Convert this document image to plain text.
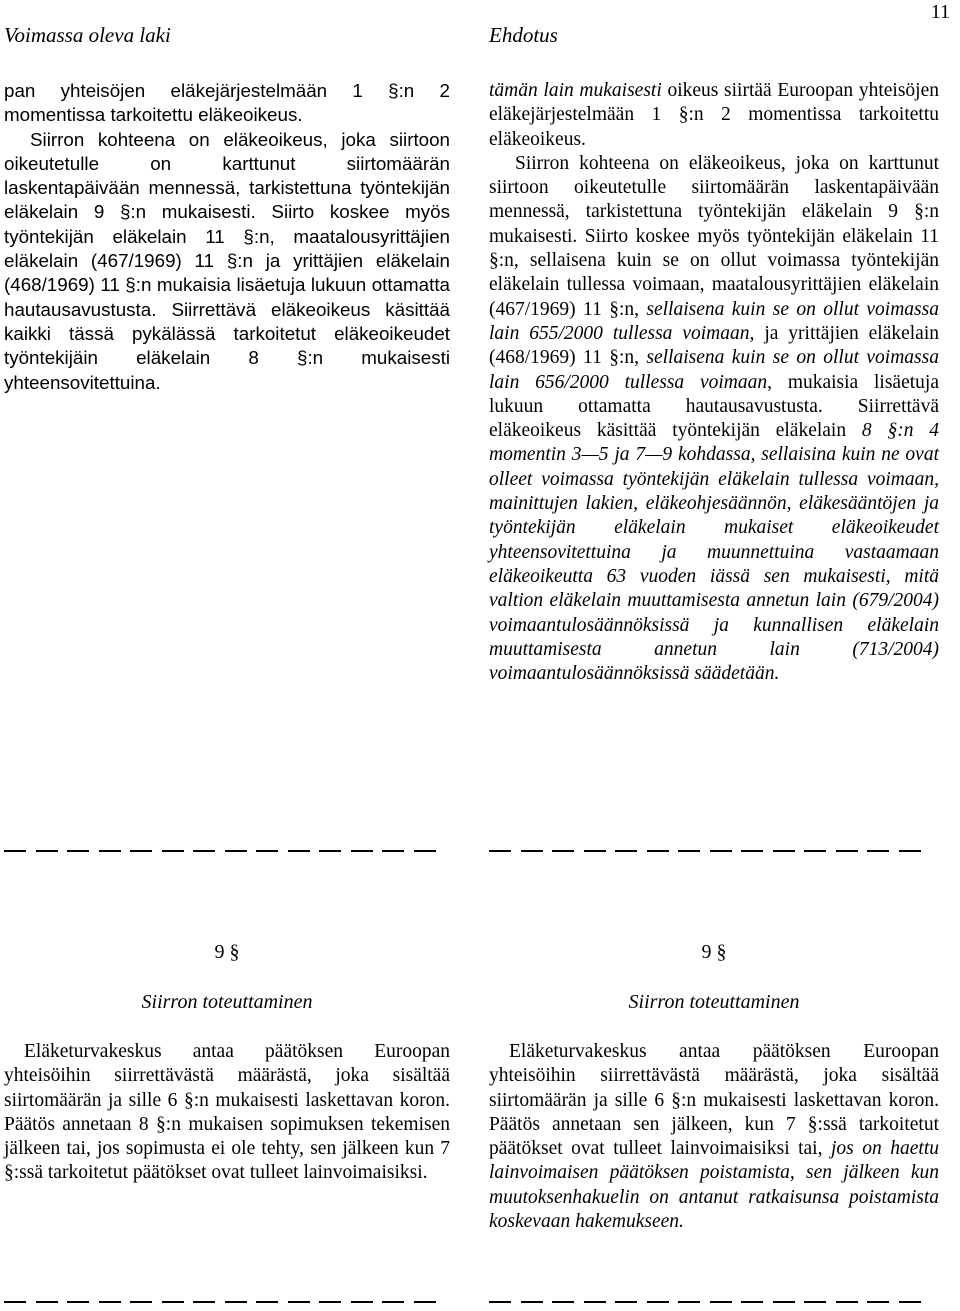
11
Voimassa oleva laki

pan yhteisöjen eläkejärjestelmään 1 §:n 2 momentissa tarkoitettu eläkeoikeus.

Siirron kohteena on eläkeoikeus, joka siirtoon oikeutetulle on karttunut siirtomäärän laskentapäivään mennessä, tarkistettuna työntekijän eläkelain 9 §:n mukaisesti. Siirto koskee myös työntekijän eläkelain 11 §:n, maatalousyrittäjien eläkelain (467/1969) 11 §:n ja yrittäjien eläkelain (468/1969) 11 §:n mukaisia lisäetuja lukuun ottamatta hautausavustusta. Siirrettävä eläkeoikeus käsittää kaikki tässä pykälässä tarkoitetut eläkeoikeudet työntekijäin eläkelain 8 §:n mukaisesti yhteensovitettuina.

9 §
Siirron toteuttaminen

Eläketurvakeskus antaa päätöksen Euroopan yhteisöihin siirrettävästä määrästä, joka sisältää siirtomäärän ja sille 6 §:n mukaisesti laskettavan koron. Päätös annetaan 8 §:n mukaisen sopimuksen tekemisen jälkeen tai, jos sopimusta ei ole tehty, sen jälkeen kun 7 §:ssä tarkoitetut päätökset ovat tulleet lainvoimaisiksi.

Ehdotus

tämän lain mukaisesti oikeus siirtää Euroopan yhteisöjen eläkejärjestelmään 1 §:n 2 momentissa tarkoitettu eläkeoikeus.

Siirron kohteena on eläkeoikeus, joka on karttunut siirtoon oikeutetulle siirtomäärän laskentapäivään mennessä, tarkistettuna työntekijän eläkelain 9 §:n mukaisesti. Siirto koskee myös työntekijän eläkelain 11 §:n, sellaisena kuin se on ollut voimassa työntekijän eläkelain tullessa voimaan, maatalousyrittäjien eläkelain (467/1969) 11 §:n, sellaisena kuin se on ollut voimassa lain 655/2000 tullessa voimaan, ja yrittäjien eläkelain (468/1969) 11 §:n, sellaisena kuin se on ollut voimassa lain 656/2000 tullessa voimaan, mukaisia lisäetuja lukuun ottamatta hautausavustusta. Siirrettävä eläkeoikeus käsittää työntekijän eläkelain 8 §:n 4 momentin 3—5 ja 7—9 kohdassa, sellaisina kuin ne ovat olleet voimassa työntekijän eläkelain tullessa voimaan, mainittujen lakien, eläkeohjesäännön, eläkesääntöjen ja työntekijän eläkelain mukaiset eläkeoikeudet yhteensovitettuina ja muunnettuina vastaamaan eläkeoikeutta 63 vuoden iässä sen mukaisesti, mitä valtion eläkelain muuttamisesta annetun lain (679/2004) voimaantulosäännöksissä ja kunnallisen eläkelain muuttamisesta annetun lain (713/2004) voimaantulosäännöksissä säädetään.

9 §
Siirron toteuttaminen

Eläketurvakeskus antaa päätöksen Euroopan yhteisöihin siirrettävästä määrästä, joka sisältää siirtomäärän ja sille 6 §:n mukaisesti laskettavan koron. Päätös annetaan sen jälkeen, kun 7 §:ssä tarkoitetut päätökset ovat tulleet lainvoimaisiksi tai, jos on haettu lainvoimaisen päätöksen poistamista, sen jälkeen kun muutoksenhakuelin on antanut ratkaisunsa poistamista koskevaan hakemukseen.
